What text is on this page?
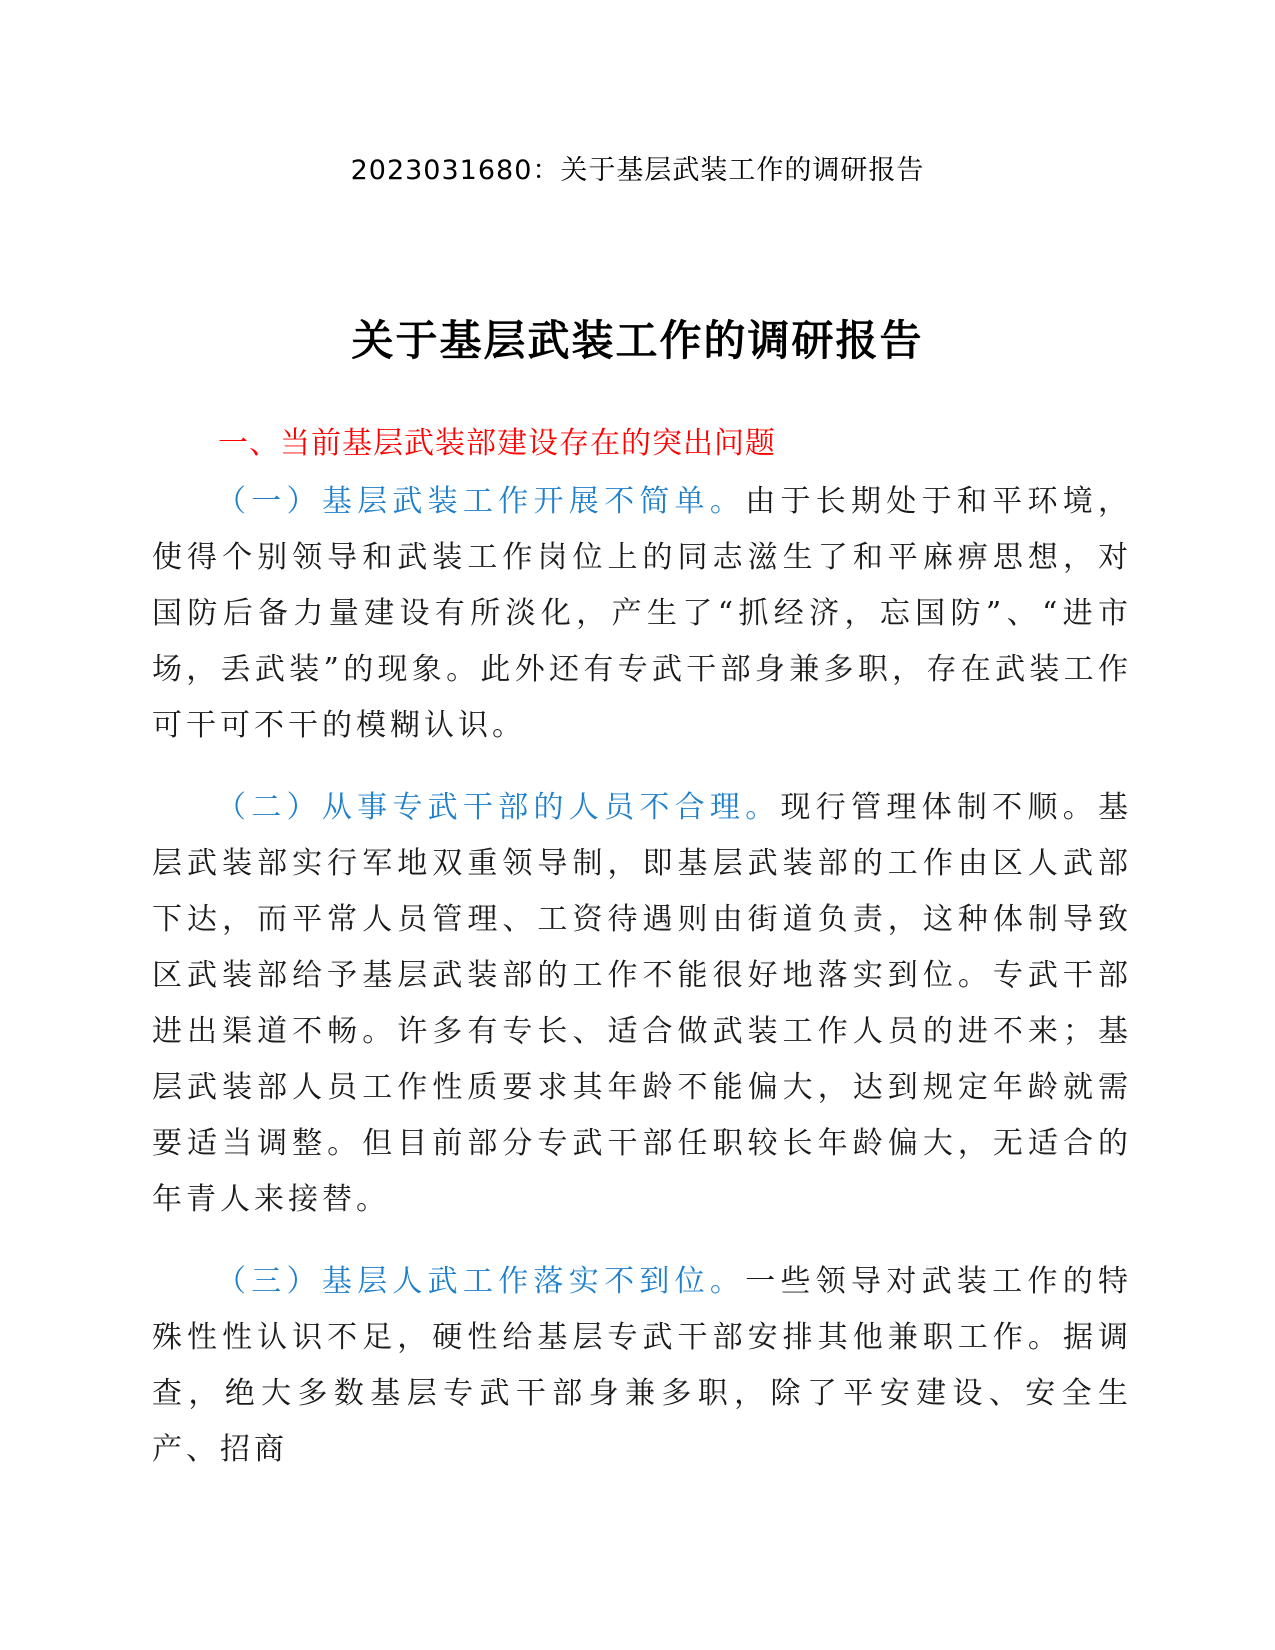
2023031680：关于基层武装工作的调研报告
关于基层武装工作的调研报告
一、当前基层武装部建设存在的突出问题

（一）基层武装工作开展不简单。由于长期处于和平环境，使得个别领导和武装工作岗位上的同志滋生了和平麻痹思想，对国防后备力量建设有所淡化，产生了“抓经济，忘国防”、“进市场，丢武装”的现象。此外还有专武干部身兼多职，存在武装工作可干可不干的模糊认识。

（二）从事专武干部的人员不合理。现行管理体制不顺。基层武装部实行军地双重领导制，即基层武装部的工作由区人武部下达，而平常人员管理、工资待遇则由街道负责，这种体制导致区武装部给予基层武装部的工作不能很好地落实到位。专武干部进出渠道不畅。许多有专长、适合做武装工作人员的进不来；基层武装部人员工作性质要求其年龄不能偏大，达到规定年龄就需要适当调整。但目前部分专武干部任职较长年龄偏大，无适合的年青人来接替。

（三）基层人武工作落实不到位。一些领导对武装工作的特殊性性认识不足，硬性给基层专武干部安排其他兼职工作。据调查，绝大多数基层专武干部身兼多职，除了平安建设、安全生产、招商
